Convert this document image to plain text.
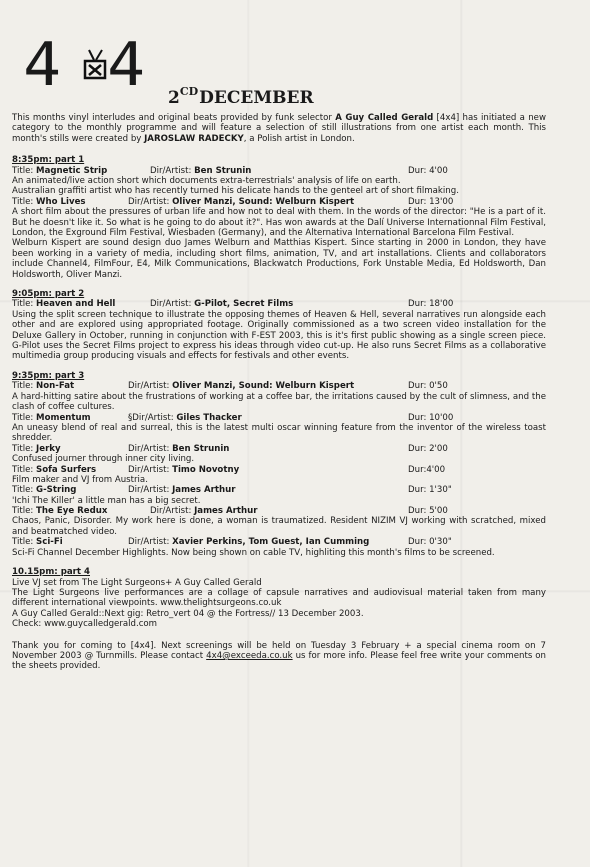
4 4 $2^{CD}DECEMBER$

This months vinyl interludes and original beats provided by funk selector A Guy Called Gerald [4x4] has initiated a new category to the monthly programme and will feature a selection of still illustrations from one artist each month. This month's stills were created by JAROSLAW RADECKY, a Polish artist in London.

8:35pm: part 1

Title: Magnetic Strip	Dir/Artist: Ben Strunin	Dur: 4'00

An animated/live action short which documents extra-terrestrials' analysis of life on earth.

Australian graffiti artist who has recently turned his delicate hands to the genteel art of short filmaking.

Title: Who Lives	Dir/Artist: Oliver Manzi, Sound: Welburn Kispert	Dur: 13'00

A short film about the pressures of urban life and how not to deal with them. In the words of the director: "He is a part of it. But he doesn't like it. So what is he going to do about it?". Has won awards at the Dalí Universe Internationnal Film Festival, London, the Exground Film Festival, Wiesbaden (Germany), and the Alternativa International Barcelona Film Festival.

Welburn Kispert are sound design duo James Welburn and Matthias Kispert. Since starting in 2000 in London, they have been working in a variety of media, including short films, animation, TV, and art installations. Clients and collaborators include Channel4, FilmFour, E4, Milk Communications, Blackwatch Productions, Fork Unstable Media, Ed Holdsworth, Dan Holdsworth, Oliver Manzi.

9:05pm: part 2

Title: Heaven and Hell	Dir/Artist: G-Pilot, Secret Films	Dur: 18'00

Using the split screen technique to illustrate the opposing themes of Heaven & Hell, several narratives run alongside each other and are explored using appropriated footage. Originally commissioned as a two screen video installation for the Deluxe Gallery in October, running in conjunction with F-EST 2003, this is it's first public showing as a single screen piece. G-Pilot uses the Secret Films project to express his ideas through video cut-up. He also runs Secret Films as a collaborative multimedia group producing visuals and effects for festivals and other events.

9:35pm: part 3

Title: Non-Fat	Dir/Artist: Oliver Manzi, Sound: Welburn Kispert	Dur: 0'50

A hard-hitting satire about the frustrations of working at a coffee bar, the irritations caused by the cult of slimness, and the clash of coffee cultures.

Title: Momentum	§Dir/Artist: Giles Thacker	Dur: 10'00

An uneasy blend of real and surreal, this is the latest multi oscar winning feature from the inventor of the wireless toast shredder.

Title: Jerky	Dir/Artist: Ben Strunin	Dur: 2'00

Confused journer through inner city living.

Title: Sofa Surfers	Dir/Artist: Timo Novotny	Dur:4'00

Film maker and VJ from Austria.

Title: G-String	Dir/Artist: James Arthur	Dur: 1'30"

'Ichi The Killer' a little man has a big secret.

Title: The Eye Redux	Dir/Artist: James Arthur	Dur: 5'00

Chaos, Panic, Disorder. My work here is done, a woman is traumatized. Resident NIZIM VJ working with scratched, mixed and beatmatched video.

Title: Sci-Fi	Dir/Artist: Xavier Perkins, Tom Guest, Ian Cumming	Dur: 0'30"

Sci-Fi Channel December Highlights. Now being shown on cable TV, highliting this month's films to be screened.

10.15pm: part 4

Live VJ set from The Light Surgeons+ A Guy Called Gerald

The Light Surgeons live performances are a collage of capsule narratives and audiovisual material taken from many different international viewpoints. www.thelightsurgeons.co.uk

A Guy Called Gerald::Next gig: Retro_vert 04 @ the Fortress// 13 December 2003.

Check: www.guycalledgerald.com

Thank you for coming to [4x4]. Next screenings will be held on Tuesday 3 February + a special cinema room on 7 November 2003 @ Turnmills. Please contact 4x4@exceeda.co.uk us for more info. Please feel free write your comments on the sheets provided.
